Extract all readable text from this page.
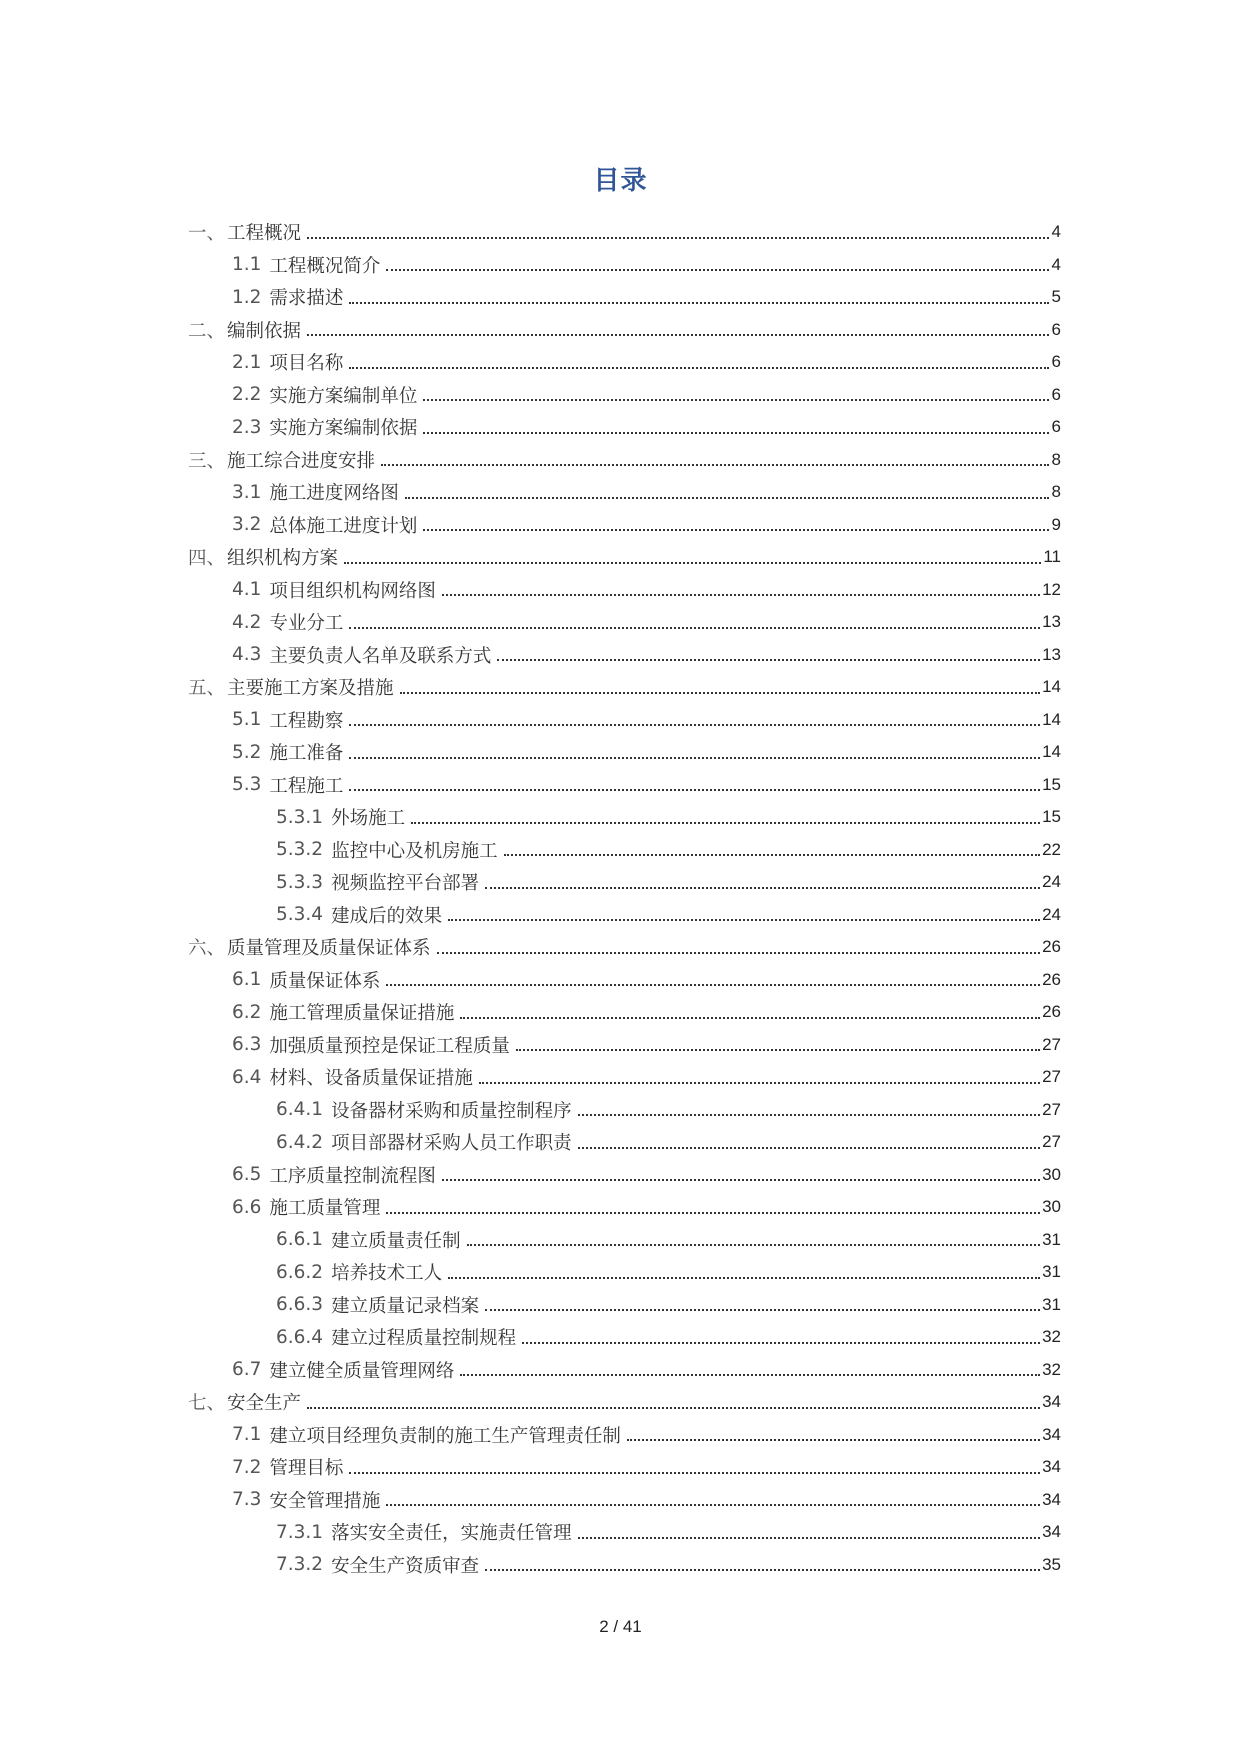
目录
一、 工程概况	4
1.1 工程概况简介	4
1.2 需求描述	5
二、 编制依据	6
2.1 项目名称	6
2.2 实施方案编制单位	6
2.3 实施方案编制依据	6
三、 施工综合进度安排	8
3.1 施工进度网络图	8
3.2 总体施工进度计划	9
四、 组织机构方案	11
4.1 项目组织机构网络图	12
4.2 专业分工	13
4.3 主要负责人名单及联系方式	13
五、 主要施工方案及措施	14
5.1 工程勘察	14
5.2 施工准备	14
5.3 工程施工	15
5.3.1 外场施工	15
5.3.2 监控中心及机房施工	22
5.3.3 视频监控平台部署	24
5.3.4 建成后的效果	24
六、 质量管理及质量保证体系	26
6.1 质量保证体系	26
6.2 施工管理质量保证措施	26
6.3 加强质量预控是保证工程质量	27
6.4 材料、设备质量保证措施	27
6.4.1 设备器材采购和质量控制程序	27
6.4.2 项目部器材采购人员工作职责	27
6.5 工序质量控制流程图	30
6.6 施工质量管理	30
6.6.1 建立质量责任制	31
6.6.2 培养技术工人	31
6.6.3 建立质量记录档案	31
6.6.4 建立过程质量控制规程	32
6.7 建立健全质量管理网络	32
七、 安全生产	34
7.1 建立项目经理负责制的施工生产管理责任制	34
7.2 管理目标	34
7.3 安全管理措施	34
7.3.1 落实安全责任，实施责任管理	34
7.3.2 安全生产资质审查	35
2 / 41
